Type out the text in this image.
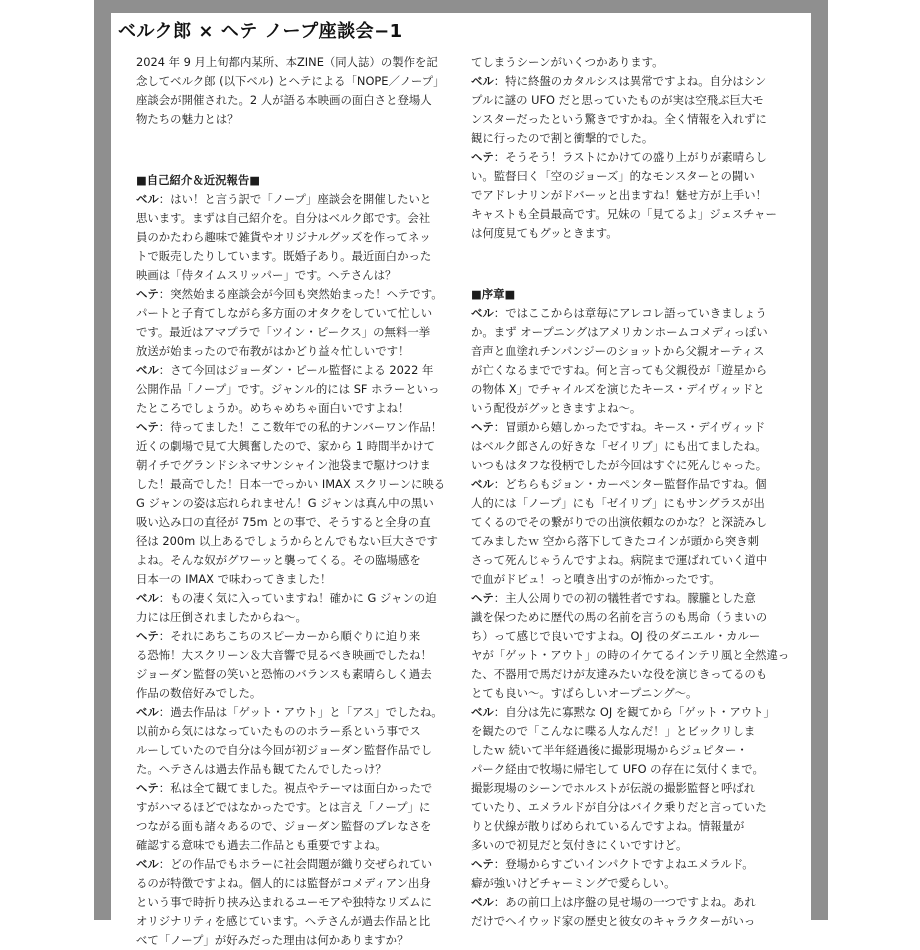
ベルク郎 × ヘテ ノープ座談会−1

2024 年 9 月上旬都内某所、本ZINE（同人誌）の製作を記

念してベルク郎 (以下ベル) とヘテによる「NOPE／ノープ」

座談会が開催された。2 人が語る本映画の面白さと登場人

物たちの魅力とは？

■自己紹介＆近況報告■

ベル：はい！と言う訳で「ノープ」座談会を開催したいと

思います。まずは自己紹介を。自分はベルク郎です。会社

員のかたわら趣味で雑貨やオリジナルグッズを作ってネッ

トで販売したりしています。既婚子あり。最近面白かった

映画は「侍タイムスリッパー」です。ヘテさんは？

ヘテ：突然始まる座談会が今回も突然始まった！ヘテです。

パートと子育てしながら多方面のオタクをしていて忙しい

です。最近はアマプラで「ツイン・ピークス」の無料一挙

放送が始まったので布教がはかどり益々忙しいです！

ベル：さて今回はジョーダン・ピール監督による 2022 年

公開作品「ノープ」です。ジャンル的には SF ホラーといっ

たところでしょうか。めちゃめちゃ面白いですよね！

ヘテ：待ってました！ここ数年での私的ナンバーワン作品！

近くの劇場で見て大興奮したので、家から 1 時間半かけて

朝イチでグランドシネマサンシャイン池袋まで駆けつけま

した！最高でした！日本一でっかい IMAX スクリーンに映る

G ジャンの姿は忘れられません！G ジャンは真ん中の黒い

吸い込み口の直径が 75m との事で、そうすると全身の直

径は 200m 以上あるでしょうからとんでもない巨大さです

よね。そんな奴がグワーッと襲ってくる。その臨場感を

日本一の IMAX で味わってきました！

ベル：もの凄く気に入っていますね！確かに G ジャンの迫

力には圧倒されましたからね〜。

ヘテ：それにあちこちのスピーカーから順ぐりに迫り来

る恐怖！大スクリーン＆大音響で見るべき映画でしたね！

ジョーダン監督の笑いと恐怖のバランスも素晴らしく過去

作品の数倍好みでした。

ベル：過去作品は「ゲット・アウト」と「アス」でしたね。

以前から気にはなっていたもののホラー系という事でス

ルーしていたので自分は今回が初ジョーダン監督作品でし

た。ヘテさんは過去作品も観てたんでしたっけ？

ヘテ：私は全て観てました。視点やテーマは面白かったで

すがハマるほどではなかったです。とは言え「ノープ」に

つながる面も諸々あるので、ジョーダン監督のブレなさを

確認する意味でも過去二作品とも重要ですよね。

ベル：どの作品でもホラーに社会問題が織り交ぜられてい

るのが特徴ですよね。個人的には監督がコメディアン出身

という事で時折り挟み込まれるユーモアや独特なリズムに

オリジナリティを感じています。ヘテさんが過去作品と比

べて「ノープ」が好みだった理由は何かありますか？

てしまうシーンがいくつかあります。

ベル：特に終盤のカタルシスは異常ですよね。自分はシン

プルに謎の UFO だと思っていたものが実は空飛ぶ巨大モ

ンスターだったという驚きですかね。全く情報を入れずに

観に行ったので割と衝撃的でした。

ヘテ：そうそう！ラストにかけての盛り上がりが素晴らし

い。監督曰く「空のジョーズ」的なモンスターとの闘い

でアドレナリンがドバーッと出ますね！魅せ方が上手い！

キャストも全員最高です。兄妹の「見てるよ」ジェスチャー

は何度見てもグッときます。

■序章■

ベル：ではここからは章毎にアレコレ語っていきましょう

か。まず オープニングはアメリカンホームコメディっぽい

音声と血塗れチンパンジーのショットから父親オーティス

が亡くなるまでですね。何と言っても父親役が「遊星から

の物体 X」でチャイルズを演じたキース・デイヴィッドと

いう配役がグッときますよね〜。

ヘテ：冒頭から嬉しかったですね。キース・デイヴィッド

はベルク郎さんの好きな「ゼイリブ」にも出てましたね。

いつもはタフな役柄でしたが今回はすぐに死んじゃった。

ベル：どちらもジョン・カーペンター監督作品ですね。個

人的には「ノープ」にも「ゼイリブ」にもサングラスが出

てくるのでその繋がりでの出演依頼なのかな？と深読みし

てみましたｗ 空から落下してきたコインが頭から突き刺

さって死んじゃうんですよね。病院まで運ばれていく道中

で血がドビュ！っと噴き出すのが怖かったです。

ヘテ：主人公周りでの初の犠牲者ですね。朦朧とした意

識を保つために歴代の馬の名前を言うのも馬命（うまいの

ち）って感じで良いですよね。OJ 役のダニエル・カルー

ヤが「ゲット・アウト」の時のイケてるインテリ風と全然違っ

た、不器用で馬だけが友達みたいな役を演じきってるのも

とても良い〜。すばらしいオープニング〜。

ベル：自分は先に寡黙な OJ を観てから「ゲット・アウト」

を観たので「こんなに喋る人なんだ！」とビックリしま

したｗ 続いて半年経過後に撮影現場からジュピター・

パーク経由で牧場に帰宅して UFO の存在に気付くまで。

撮影現場のシーンでホルストが伝説の撮影監督と呼ばれ

ていたり、エメラルドが自分はバイク乗りだと言っていた

りと伏線が散りばめられているんですよね。情報量が

多いので初見だと気付きにくいですけど。

ヘテ：登場からすごいインパクトですよねエメラルド。

癖が強いけどチャーミングで愛らしい。

ベル：あの前口上は序盤の見せ場の一つですよね。あれ

だけでヘイウッド家の歴史と彼女のキャラクターがいっ
